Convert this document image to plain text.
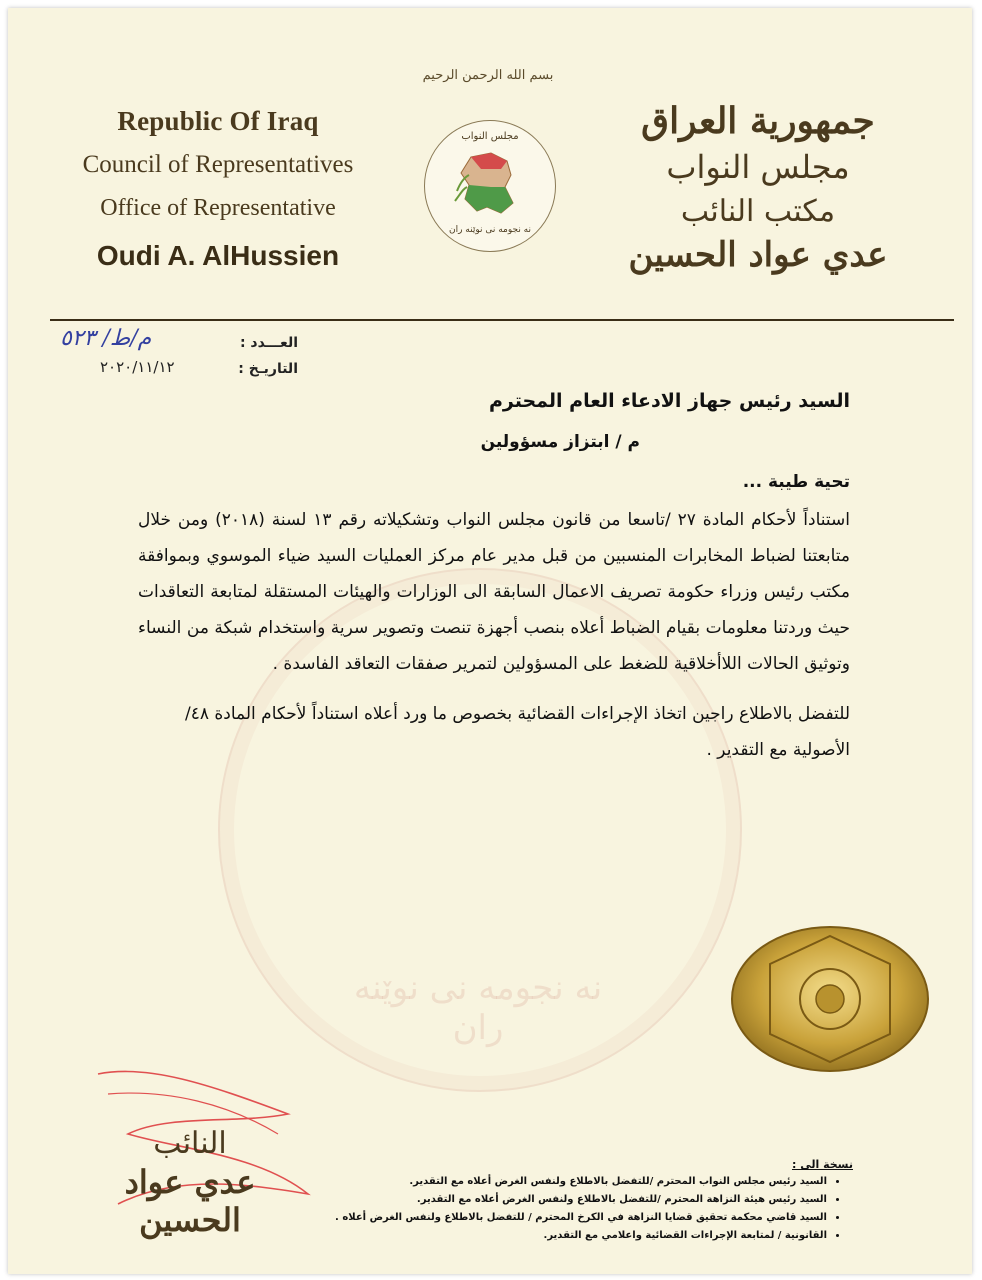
نه نجومه نى نوێنه ران
بسم الله الرحمن الرحيم
Republic Of Iraq
Council of Representatives
Office of Representative
Oudi A. AlHussien
مجلس النواب
نه نجومه نى نوێنه ران
جمهورية العراق
مجلس النواب
مكتب النائب
عدي عواد الحسين
العـــدد :
التاريـخ :
م/ط/ ٥٢٣
٢٠٢٠/١١/١٢
السيد رئيس جهاز الادعاء العام المحترم
م / ابتزاز مسؤولين
تحية طيبة ...
استناداً لأحكام المادة ٢٧ /تاسعا من قانون مجلس النواب وتشكيلاته رقم ١٣ لسنة (٢٠١٨) ومن خلال متابعتنا لضباط المخابرات المنسبين من قبل مدير عام مركز العمليات السيد ضياء الموسوي وبموافقة مكتب رئيس وزراء حكومة تصريف الاعمال السابقة الى الوزارات والهيئات المستقلة لمتابعة التعاقدات حيث وردتنا معلومات بقيام الضباط أعلاه بنصب أجهزة تنصت وتصوير سرية واستخدام شبكة من النساء وتوثيق الحالات اللاأخلاقية للضغط على المسؤولين لتمرير صفقات التعاقد الفاسدة .
للتفضل بالاطلاع راجين اتخاذ الإجراءات القضائية بخصوص ما ورد أعلاه استناداً لأحكام المادة ٤٨/الأصولية مع التقدير .
النائب
عدي عواد الحسين
نسخة الى :
• السيد رئيس مجلس النواب المحترم /للتفضل بالاطلاع ولنفس الغرض أعلاه مع التقدير.
• السيد رئيس هيئة النزاهة المحترم /للتفضل بالاطلاع ولنفس الغرض أعلاه مع التقدير.
• السيد قاضي محكمة تحقيق قضايا النزاهة في الكرخ المحترم / للتفضل بالاطلاع ولنفس الغرض أعلاه .
• القانونية / لمتابعة الإجراءات القضائية واعلامي مع التقدير.
